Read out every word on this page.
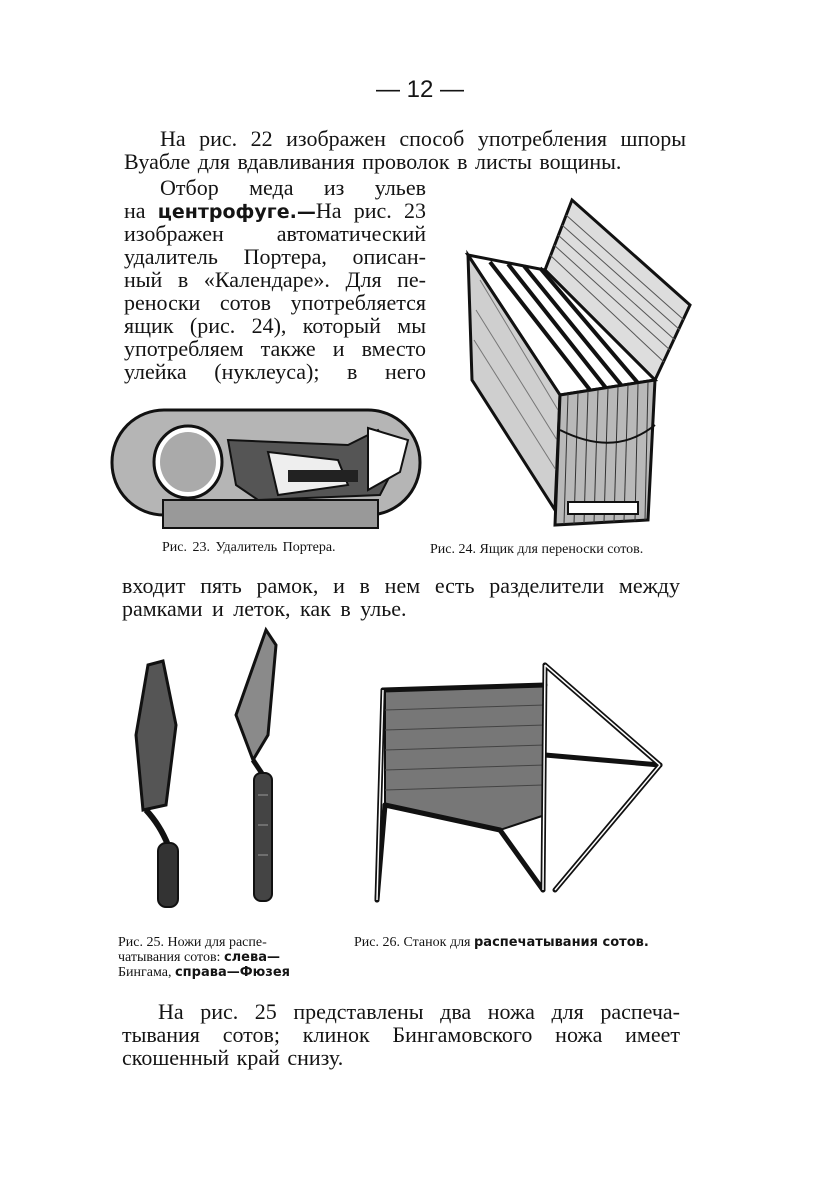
— 12 —
На рис. 22 изображен способ употребления шпоры
Вуабле для вдавливания проволок в листы вощины.
Отбор меда из ульев
на центрофуге.—На рис. 23
изображен автоматический
удалитель Портера, описан-
ный в «Календаре». Для пе-
реноски сотов употребляется
ящик (рис. 24), который мы
употребляем также и вместо
улейка (нуклеуса); в него
Рис. 23. Удалитель Портера.	Рис. 24. Ящик для переноски сотов.
входит пять рамок, и в нем есть разделители между
рамками и леток, как в улье.
Рис. 25. Ножи для распе-
чатывания сотов: слева—
Бингама, справа—Фюзея
Рис. 26. Станок для распечатывания сотов.
На рис. 25 представлены два ножа для распеча-
тывания сотов; клинок Бингамовского ножа имеет
скошенный край снизу.
